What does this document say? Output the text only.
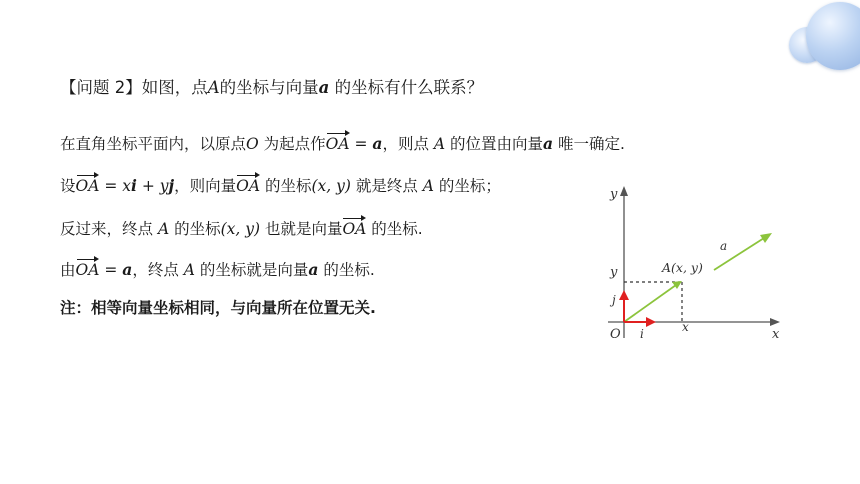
【问题 2】如图，点A的坐标与向量a 的坐标有什么联系？
在直角坐标平面内，以原点O 为起点作
OA = a，则点 A 的位置由向量a 唯一确定.
设
OA = xi + yj，则向量
OA 的坐标(x, y) 就是终点 A 的坐标；
反过来，终点 A 的坐标(x, y) 也就是向量
OA 的坐标.
由
OA = a，终点 A 的坐标就是向量a 的坐标.
注：相等向量坐标相同，与向量所在位置无关.
y
x
O i
j
x
y	A(x, y)
a
